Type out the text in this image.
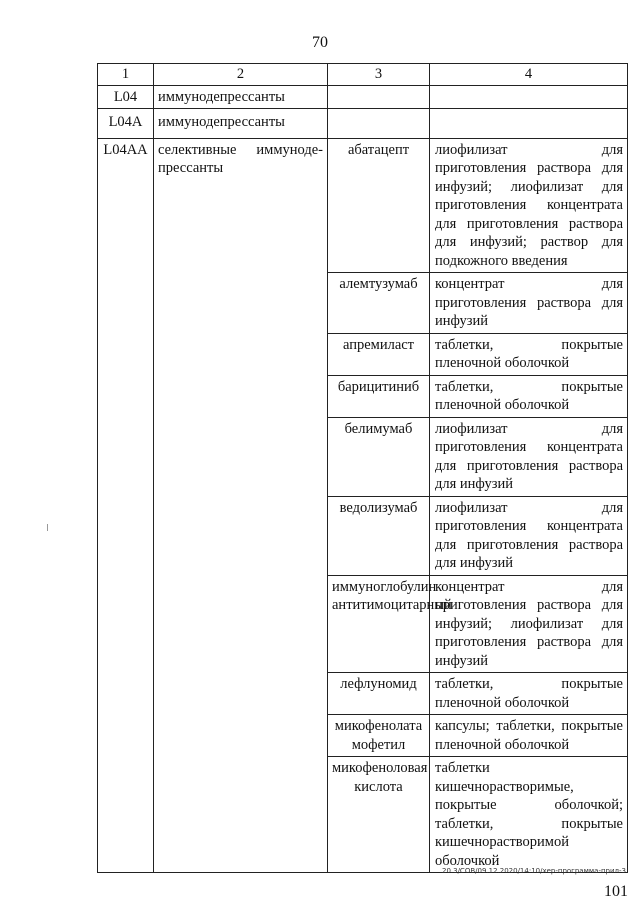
70
1	2	3	4
L04	иммунодепрессанты		
L04A	иммунодепрессанты		
L04AA	селективные иммуноде-прессанты	абатацепт	лиофилизат для приготовления раствора для инфузий; лиофилизат для приготовления концентрата для приготовления раствора для инфузий; раствор для подкожного введения
		алемтузумаб	концентрат для приготовления раствора для инфузий
		апремиласт	таблетки, покрытые пленочной оболочкой
		барицитиниб	таблетки, покрытые пленочной оболочкой
		белимумаб	лиофилизат для приготовления концентрата для приготовления раствора для инфузий
		ведолизумаб	лиофилизат для приготовления концентрата для приготовления раствора для инфузий
		иммуноглобулин антитимоцитарный	концентрат для приготовления раствора для инфузий; лиофилизат для приготовления раствора для инфузий
		лефлуномид	таблетки, покрытые пленочной оболочкой
		микофенолата мофетил	капсулы; таблетки, покрытые пленочной оболочкой
		микофеноловая кислота	таблетки кишечнорастворимые, покрытые оболочкой; таблетки, покрытые кишечнорастворимой оболочкой
20.3/СОВ/09.12.2020/14:10/хер-программа-прил-3
101
